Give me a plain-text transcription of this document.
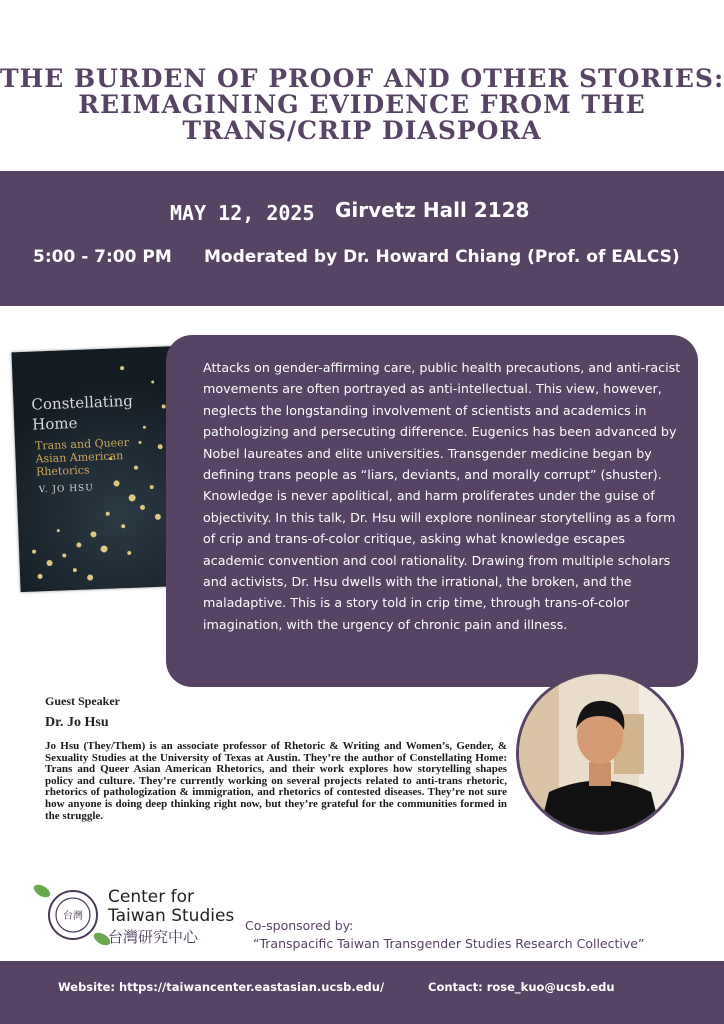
THE BURDEN OF PROOF AND OTHER STORIES:
REIMAGINING EVIDENCE FROM THE
TRANS/CRIP DIASPORA
MAY 12, 2025 Girvetz Hall 2128
5:00 - 7:00 PM Moderated by Dr. Howard Chiang (Prof. of EALCS)
Constellating
Home
Trans and Queer
Asian American
Rhetorics
V. JO HSU

Attacks on gender-affirming care, public health precautions, and anti-racist movements are often portrayed as anti-intellectual. This view, however, neglects the longstanding involvement of scientists and academics in pathologizing and persecuting difference. Eugenics has been advanced by Nobel laureates and elite universities. Transgender medicine began by defining trans people as “liars, deviants, and morally corrupt” (shuster). Knowledge is never apolitical, and harm proliferates under the guise of objectivity. In this talk, Dr. Hsu will explore nonlinear storytelling as a form of crip and trans-of-color critique, asking what knowledge escapes academic convention and cool rationality. Drawing from multiple scholars and activists, Dr. Hsu dwells with the irrational, the broken, and the maladaptive. This is a story told in crip time, through trans-of-color imagination, with the urgency of chronic pain and illness.

Guest Speaker
Dr. Jo Hsu

Jo Hsu (They/Them) is an associate professor of Rhetoric & Writing and Women’s, Gender, & Sexuality Studies at the University of Texas at Austin. They’re the author of Constellating Home: Trans and Queer Asian American Rhetorics, and their work explores how storytelling shapes policy and culture. They’re currently working on several projects related to anti-trans rhetoric, rhetorics of pathologization & immigration, and rhetorics of contested diseases. They’re not sure how anyone is doing deep thinking right now, but they’re grateful for the communities formed in the struggle.

台灣
Center for
Taiwan Studies
台灣研究中心
Co-sponsored by:
“Transpacific Taiwan Transgender Studies Research Collective”
Website: https://taiwancenter.eastasian.ucsb.edu/	Contact: rose_kuo@ucsb.edu
